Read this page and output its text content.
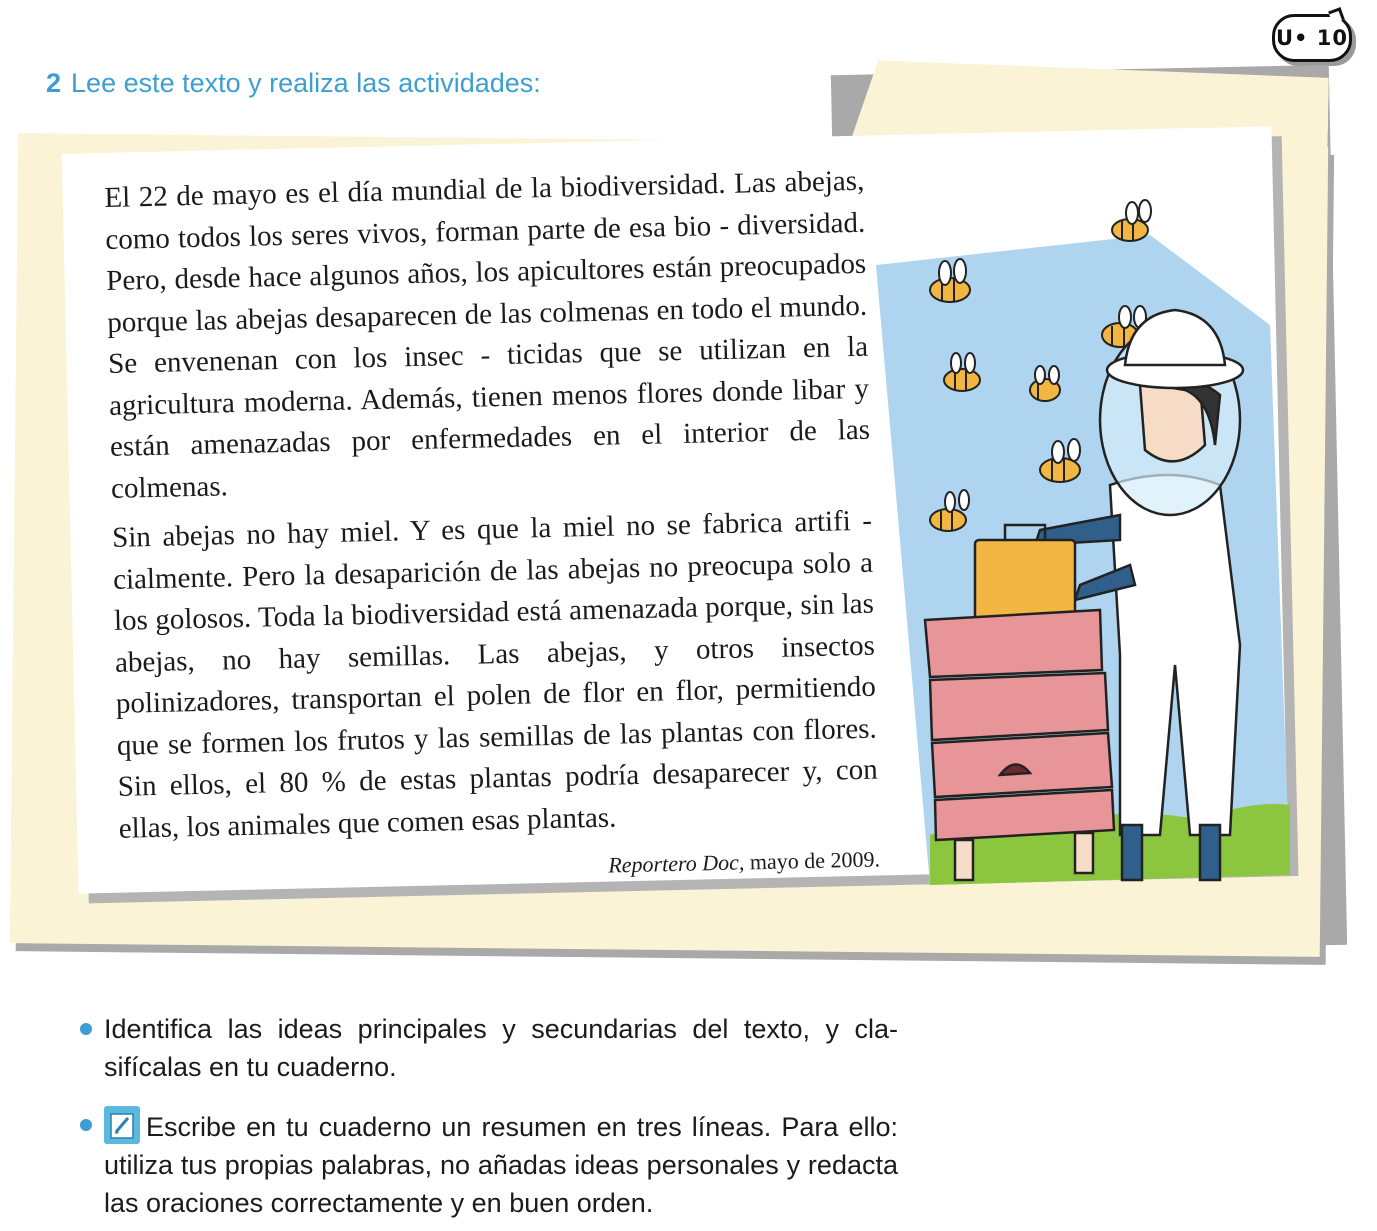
U• 10
2 Lee este texto y realiza las actividades:

El 22 de mayo es el día mundial de la biodiversidad. Las abejas, como todos los seres vivos, forman parte de esa bio - diversidad. Pero, desde hace algunos años, los apicultores están preocupados porque las abejas desaparecen de las colmenas en todo el mundo. Se envenenan con los insec - ticidas que se utilizan en la agricultura moderna. Además, tienen menos flores donde libar y están amenazadas por enfermedades en el interior de las colmenas.

Sin abejas no hay miel. Y es que la miel no se fabrica artifi - cialmente. Pero la desaparición de las abejas no preocupa solo a los golosos. Toda la biodiversidad está amenazada porque, sin las abejas, no hay semillas. Las abejas, y otros insectos polinizadores, transportan el polen de flor en flor, permitiendo que se formen los frutos y las semillas de las plantas con flores. Sin ellos, el 80 % de estas plantas podría desaparecer y, con ellas, los animales que comen esas plantas.

Reportero Doc, mayo de 2009.
Identifica las ideas principales y secundarias del texto, y cla- sifícalas en tu cuaderno.
Escribe en tu cuaderno un resumen en tres líneas. Para ello: utiliza tus propias palabras, no añadas ideas personales y redacta las oraciones correctamente y en buen orden.
